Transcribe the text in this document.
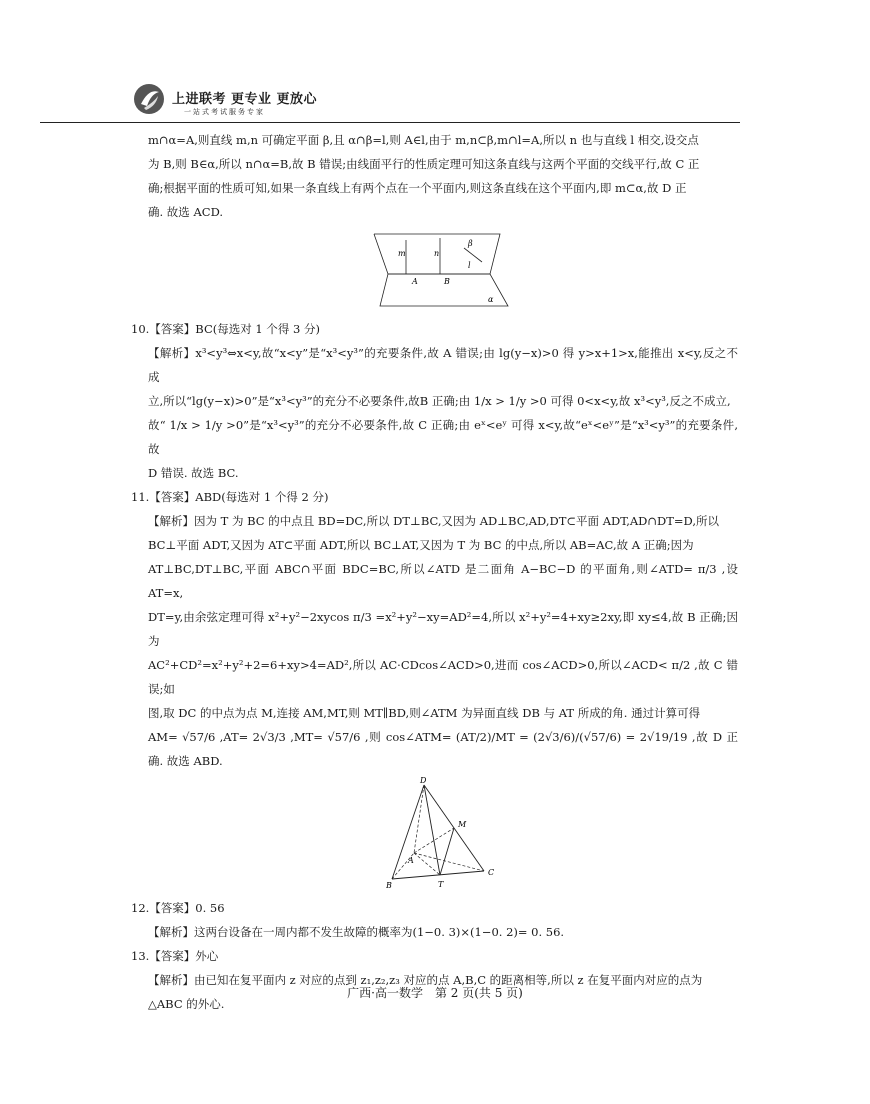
上进联考 更专业 更放心
一站式考试服务专家

m∩α=A,则直线 m,n 可确定平面 β,且 α∩β=l,则 A∈l,由于 m,n⊂β,m∩l=A,所以 n 也与直线 l 相交,设交点

为 B,则 B∈α,所以 n∩α=B,故 B 错误;由线面平行的性质定理可知这条直线与这两个平面的交线平行,故 C 正

确;根据平面的性质可知,如果一条直线上有两个点在一个平面内,则这条直线在这个平面内,即 m⊂α,故 D 正

确. 故选 ACD.

m	n
β
l
A	B
α

10.【答案】BC(每选对 1 个得 3 分)

【解析】x³<y³⇔x<y,故“x<y”是“x³<y³”的充要条件,故 A 错误;由 lg(y−x)>0 得 y>x+1>x,能推出 x<y,反之不成

立,所以“lg(y−x)>0”是“x³<y³”的充分不必要条件,故B 正确;由 1/x > 1/y >0 可得 0<x<y,故 x³<y³,反之不成立,

故“ 1/x > 1/y >0”是“x³<y³”的充分不必要条件,故 C 正确;由 eˣ<eʸ 可得 x<y,故“eˣ<eʸ”是“x³<y³”的充要条件,故

D 错误. 故选 BC.

11.【答案】ABD(每选对 1 个得 2 分)

【解析】因为 T 为 BC 的中点且 BD=DC,所以 DT⊥BC,又因为 AD⊥BC,AD,DT⊂平面 ADT,AD∩DT=D,所以

BC⊥平面 ADT,又因为 AT⊂平面 ADT,所以 BC⊥AT,又因为 T 为 BC 的中点,所以 AB=AC,故 A 正确;因为

AT⊥BC,DT⊥BC,平面 ABC∩平面 BDC=BC,所以∠ATD 是二面角 A−BC−D 的平面角,则∠ATD= π/3 ,设 AT=x,

DT=y,由余弦定理可得 x²+y²−2xycos π/3 =x²+y²−xy=AD²=4,所以 x²+y²=4+xy≥2xy,即 xy≤4,故 B 正确;因为

AC²+CD²=x²+y²+2=6+xy>4=AD²,所以 AC·CDcos∠ACD>0,进而 cos∠ACD>0,所以∠ACD< π/2 ,故 C 错误;如

图,取 DC 的中点为点 M,连接 AM,MT,则 MT∥BD,则∠ATM 为异面直线 DB 与 AT 所成的角. 通过计算可得

AM= √57/6 ,AT= 2√3/3 ,MT= √57/6 ,则 cos∠ATM= (AT/2)/MT = (2√3/6)/(√57/6) = 2√19/19 ,故 D 正确. 故选 ABD.

D
M
A
B	T
C

12.【答案】0. 56

【解析】这两台设备在一周内都不发生故障的概率为(1−0. 3)×(1−0. 2)= 0. 56.

13.【答案】外心

【解析】由已知在复平面内 z 对应的点到 z₁,z₂,z₃ 对应的点 A,B,C 的距离相等,所以 z 在复平面内对应的点为

△ABC 的外心.

广西·高一数学　第 2 页(共 5 页)
